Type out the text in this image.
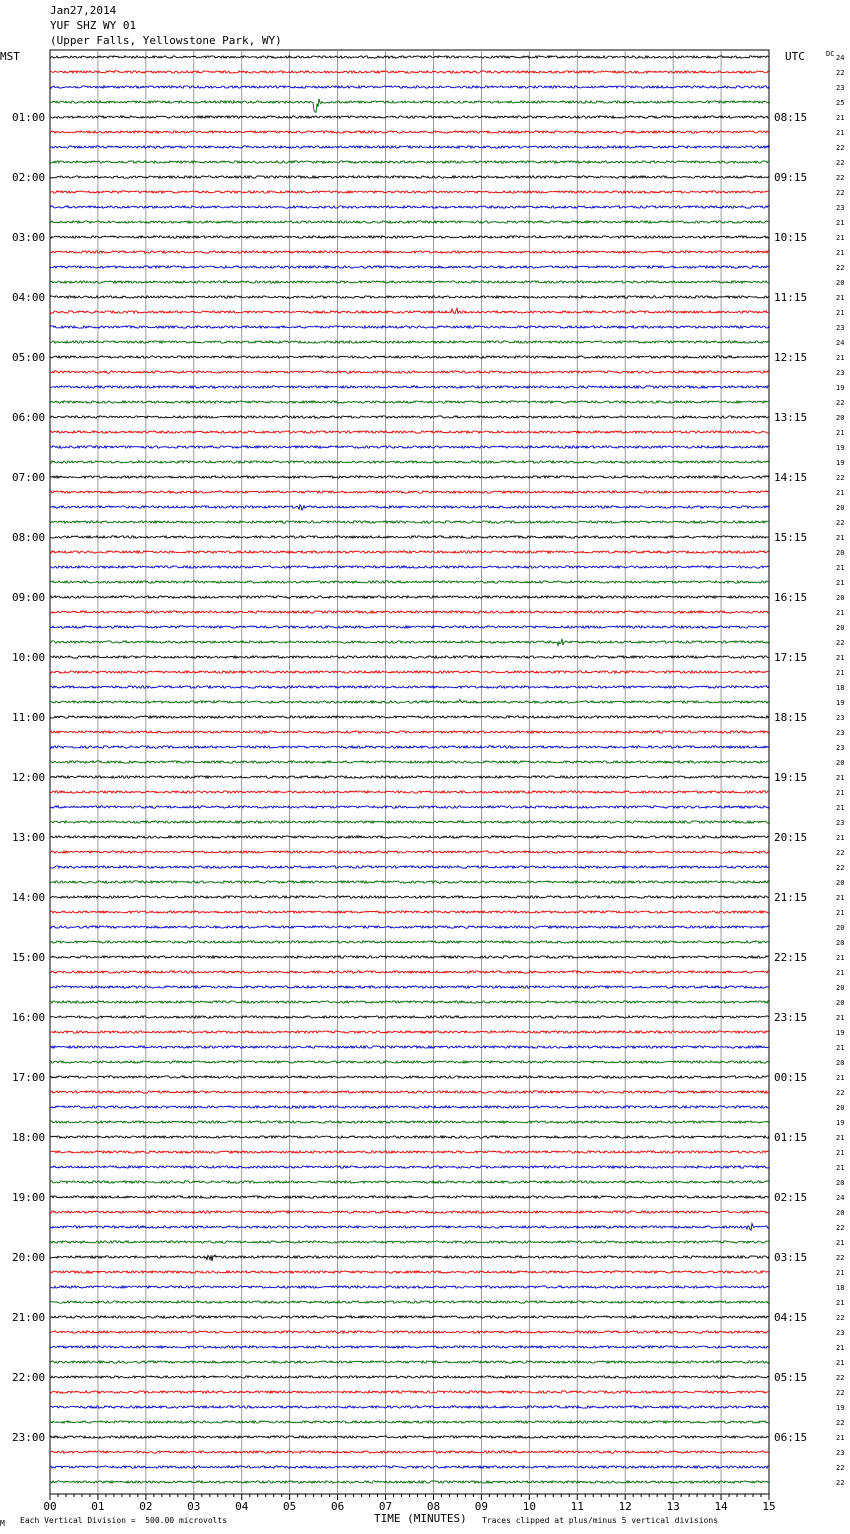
Jan27,2014
YUF SHZ WY 01
(Upper Falls, Yellowstone Park, WY)
MST	UTC	DC 24
22
23
25
21
21
22
22
22
22
23
21
21
21
22
20
21
21
23
24
21
23
19
22
20
21
19
19
22
21
20
22
21
20
21
21
20
21
20
22
21
21
18
19
23
23
23
20
21
21
21
23
21
22
22
20
21
21
20
20
21
21
20
20
21
19
21
20
21
22
20
19
21
21
21
20
24
20
22
21
22
21
18
21
22
23
21
21
22
22
19
22
21
23
22
22
01:00	08:15
02:00	09:15
03:00	10:15
04:00	11:15
05:00	12:15
06:00	13:15
07:00	14:15
08:00	15:15
09:00	16:15
10:00	17:15
11:00	18:15
12:00	19:15
13:00	20:15
14:00	21:15
15:00	22:15
16:00	23:15
17:00	00:15
18:00	01:15
19:00	02:15
20:00	03:15
21:00	04:15
22:00	05:15
23:00	06:15
00	01	02	03	04	05	06	07	08	09	10	11	12	13	14	15
M Each Vertical Division =  500.00 microvolts	TIME (MINUTES) Traces clipped at plus/minus 5 vertical divisions
